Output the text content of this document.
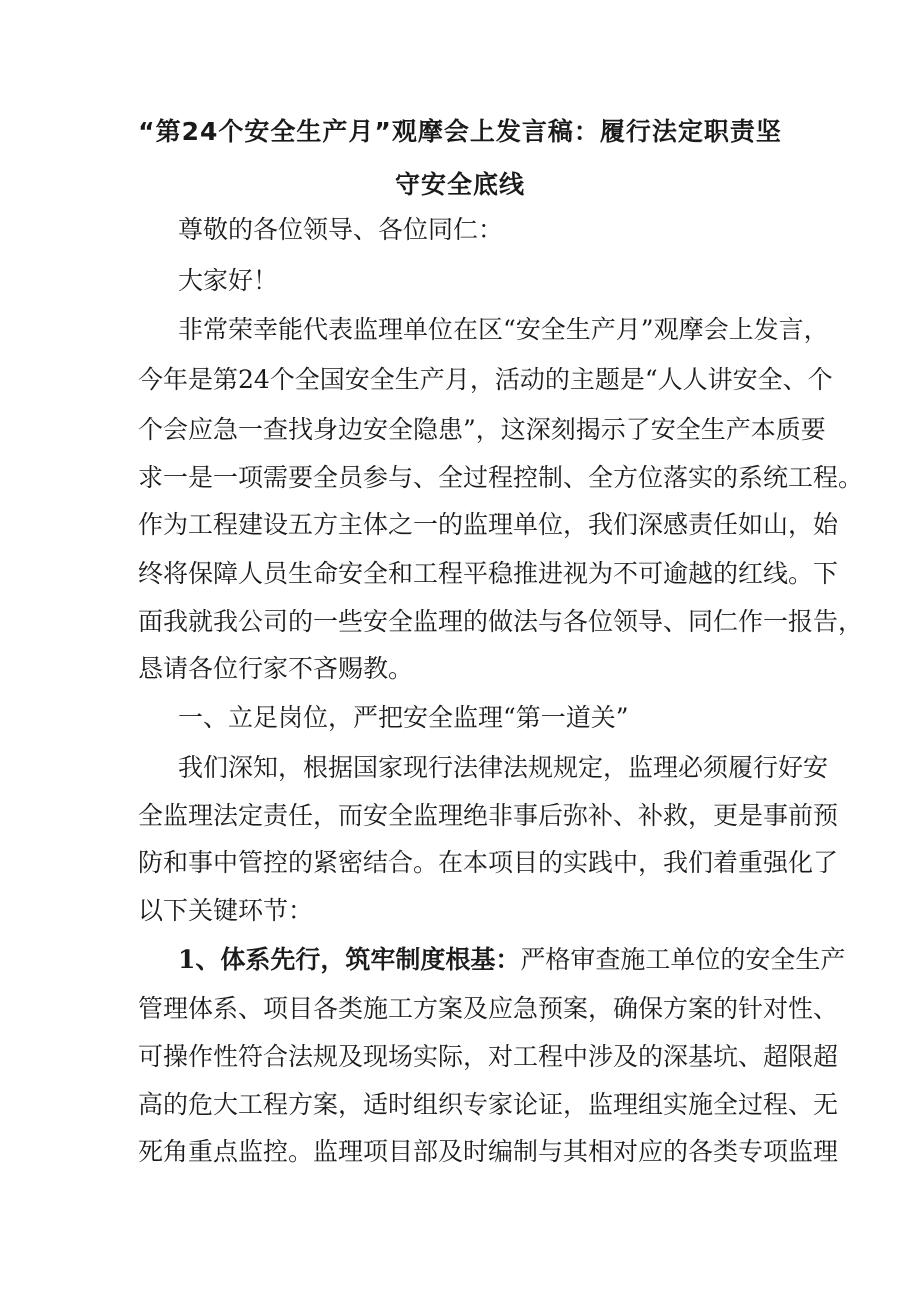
“第24个安全生产月”观摩会上发言稿：履行法定职责坚
守安全底线
尊敬的各位领导、各位同仁：
大家好！
非常荣幸能代表监理单位在区“安全生产月”观摩会上发言，
今年是第24个全国安全生产月，活动的主题是“人人讲安全、个
个会应急一查找身边安全隐患”，这深刻揭示了安全生产本质要
求一是一项需要全员参与、全过程控制、全方位落实的系统工程。
作为工程建设五方主体之一的监理单位，我们深感责任如山，始
终将保障人员生命安全和工程平稳推进视为不可逾越的红线。下
面我就我公司的一些安全监理的做法与各位领导、同仁作一报告，
恳请各位行家不吝赐教。
一、立足岗位，严把安全监理“第一道关”
我们深知，根据国家现行法律法规规定，监理必须履行好安
全监理法定责任，而安全监理绝非事后弥补、补救，更是事前预
防和事中管控的紧密结合。在本项目的实践中，我们着重强化了
以下关键环节：
1、体系先行，筑牢制度根基：严格审查施工单位的安全生产
管理体系、项目各类施工方案及应急预案，确保方案的针对性、
可操作性符合法规及现场实际，对工程中涉及的深基坑、超限超
高的危大工程方案，适时组织专家论证，监理组实施全过程、无
死角重点监控。监理项目部及时编制与其相对应的各类专项监理
